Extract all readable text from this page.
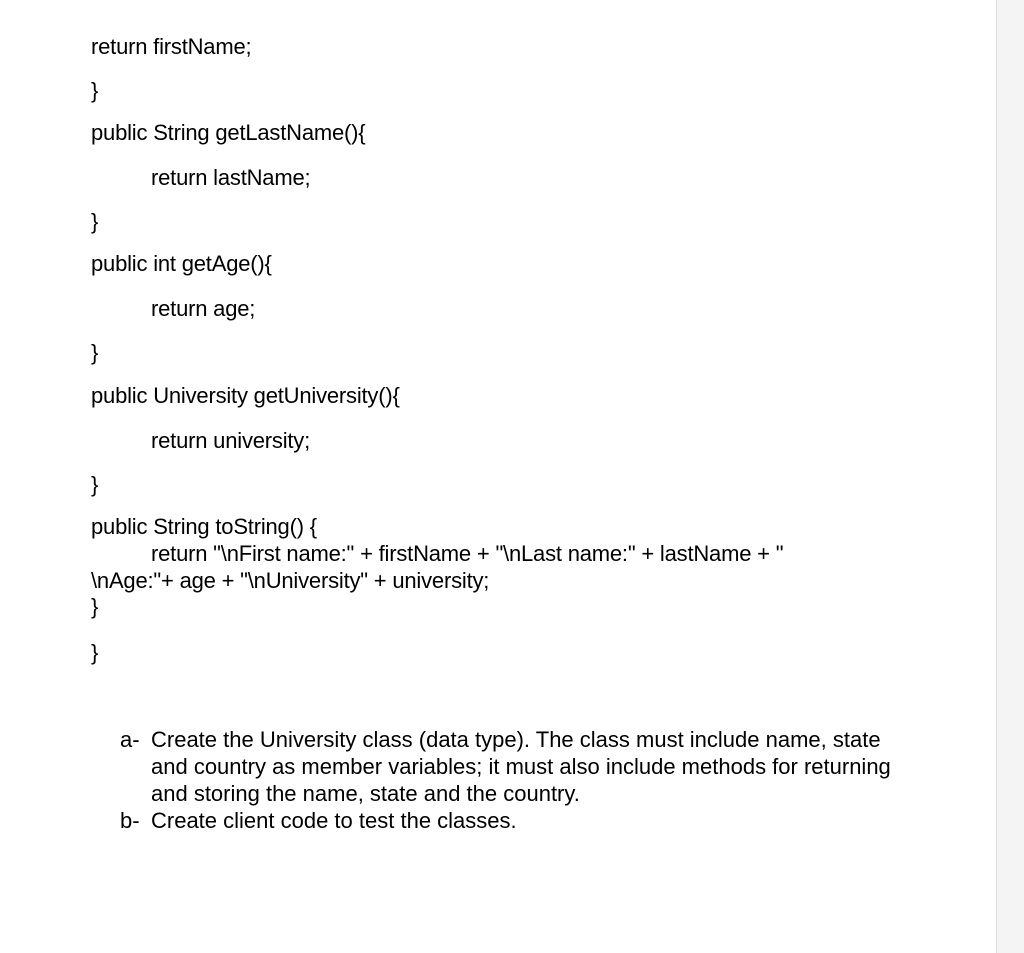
return firstName;
}
public String getLastName(){
return lastName;
}
public int getAge(){
return age;
}
public University getUniversity(){
return university;
}
public String toString() {
return "\nFirst name:" + firstName + "\nLast name:" + lastName + "
\nAge:"+ age + "\nUniversity" + university;
}
}
a- Create the University class (data type). The class must include name, state and country as member variables; it must also include methods for returning and storing the name, state and the country.
b- Create client code to test the classes.
